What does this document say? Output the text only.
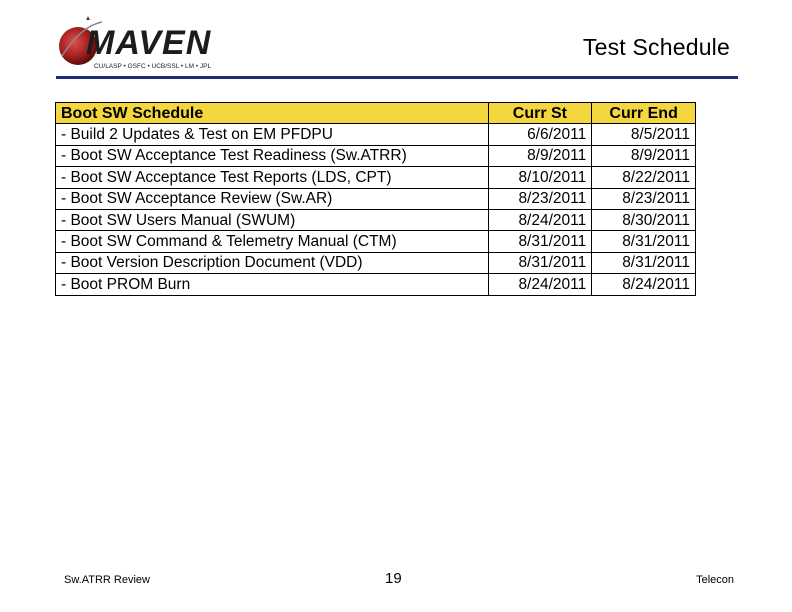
MAVEN
CU/LASP • GSFC • UCB/SSL • LM • JPL
Test Schedule
Boot SW Schedule	Curr St	Curr End
- Build 2 Updates & Test on EM PFDPU	6/6/2011	8/5/2011
- Boot SW Acceptance Test Readiness (Sw.ATRR)	8/9/2011	8/9/2011
- Boot SW Acceptance Test Reports (LDS, CPT)	8/10/2011	8/22/2011
- Boot SW Acceptance Review (Sw.AR)	8/23/2011	8/23/2011
- Boot SW Users Manual (SWUM)	8/24/2011	8/30/2011
- Boot SW Command & Telemetry Manual (CTM)	8/31/2011	8/31/2011
- Boot Version Description Document (VDD)	8/31/2011	8/31/2011
- Boot PROM Burn	8/24/2011	8/24/2011
Sw.ATRR Review	19	Telecon
